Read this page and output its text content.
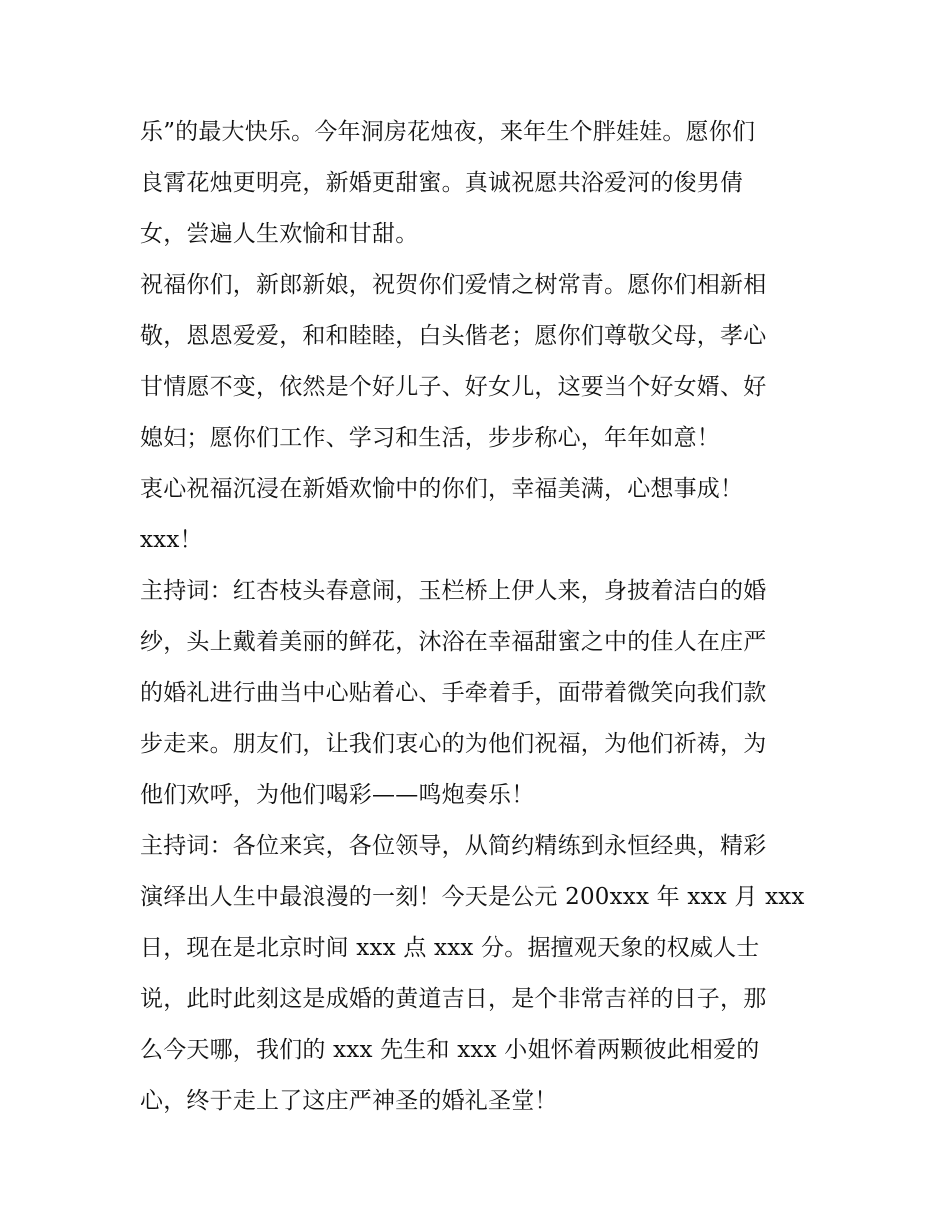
乐”的最大快乐。今年洞房花烛夜，来年生个胖娃娃。愿你们
良霄花烛更明亮，新婚更甜蜜。真诚祝愿共浴爱河的俊男倩
女，尝遍人生欢愉和甘甜。
祝福你们，新郎新娘，祝贺你们爱情之树常青。愿你们相新相
敬，恩恩爱爱，和和睦睦，白头偕老；愿你们尊敬父母，孝心
甘情愿不变，依然是个好儿子、好女儿，这要当个好女婿、好
媳妇；愿你们工作、学习和生活，步步称心，年年如意！
衷心祝福沉浸在新婚欢愉中的你们，幸福美满，心想事成！
xxx！
主持词：红杏枝头春意闹，玉栏桥上伊人来，身披着洁白的婚
纱，头上戴着美丽的鲜花，沐浴在幸福甜蜜之中的佳人在庄严
的婚礼进行曲当中心贴着心、手牵着手，面带着微笑向我们款
步走来。朋友们，让我们衷心的为他们祝福，为他们祈祷，为
他们欢呼，为他们喝彩——鸣炮奏乐！
主持词：各位来宾，各位领导，从简约精练到永恒经典，精彩
演绎出人生中最浪漫的一刻！今天是公元 200xxx 年 xxx 月 xxx
日，现在是北京时间 xxx 点 xxx 分。据擅观天象的权威人士
说，此时此刻这是成婚的黄道吉日，是个非常吉祥的日子，那
么今天哪，我们的 xxx 先生和 xxx 小姐怀着两颗彼此相爱的
心，终于走上了这庄严神圣的婚礼圣堂！
